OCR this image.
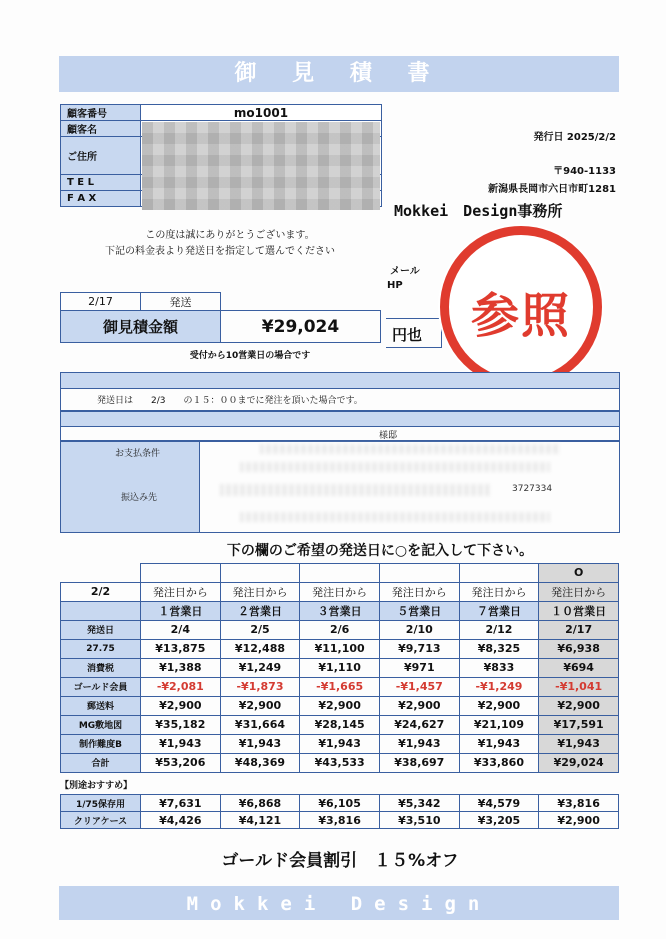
御 見 積 書
顧客番号	mo1001
顧客名	
ご住所	
T E L	
F A X	
発行日 2025/2/2
〒940-1133
新潟県長岡市六日市町1281
Mokkei　Design事務所
メール
HP
この度は誠にありがとうございます。
下記の料金表より発送日を指定して選んでください
2/17	発送	
御見積金額		¥29,024	円也
受付から10営業日の場合です
参照
発送日は　　2/3　　の１５：００までに発注を頂いた場合です。
様邸
お支払条件
振込み先
3727334
下の欄のご希望の発送日に○を記入して下さい。

						O
2/2	発注日から	発注日から	発注日から	発注日から	発注日から	発注日から
	１営業日	２営業日	３営業日	５営業日	７営業日	１０営業日
発送日	2/4	2/5	2/6	2/10	2/12	2/17
27.75	¥13,875	¥12,488	¥11,100	¥9,713	¥8,325	¥6,938
消費税	¥1,388	¥1,249	¥1,110	¥971	¥833	¥694
ゴールド会員	-¥2,081	-¥1,873	-¥1,665	-¥1,457	-¥1,249	-¥1,041
郵送料	¥2,900	¥2,900	¥2,900	¥2,900	¥2,900	¥2,900
MG敷地図	¥35,182	¥31,664	¥28,145	¥24,627	¥21,109	¥17,591
制作難度B	¥1,943	¥1,943	¥1,943	¥1,943	¥1,943	¥1,943
合計	¥53,206	¥48,369	¥43,533	¥38,697	¥33,860	¥29,024
【別途おすすめ】
1/75保存用	¥7,631	¥6,868	¥6,105	¥5,342	¥4,579	¥3,816
クリアケース	¥4,426	¥4,121	¥3,816	¥3,510	¥3,205	¥2,900
ゴールド会員割引　１５%オフ
Mokkei Design
